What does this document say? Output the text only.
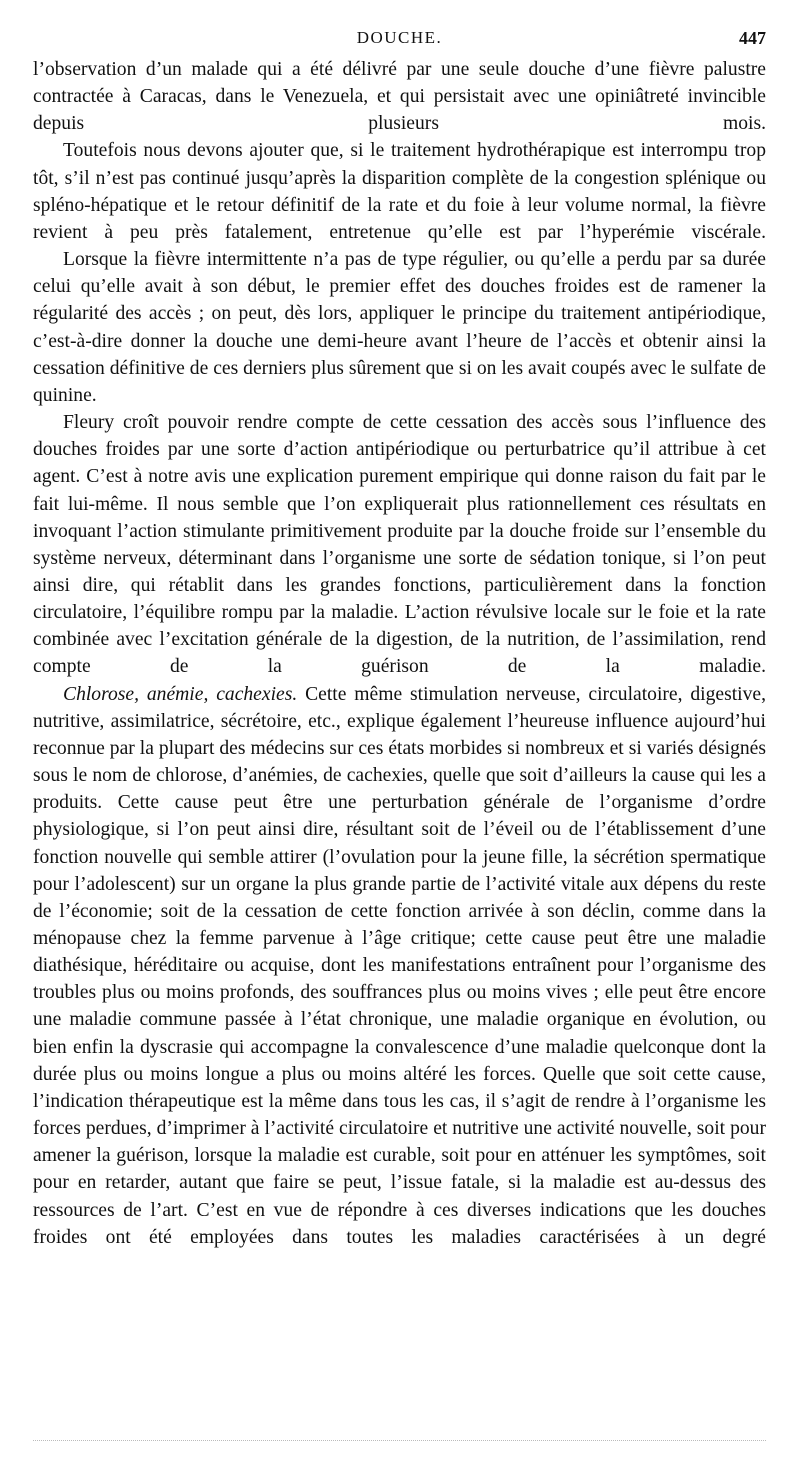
DOUCHE.	447

l’observation d’un malade qui a été délivré par une seule douche d’une fièvre palustre contractée à Caracas, dans le Venezuela, et qui persistait avec une opiniâtreté invincible depuis plusieurs mois.

Toutefois nous devons ajouter que, si le traitement hydrothérapique est interrompu trop tôt, s’il n’est pas continué jusqu’après la disparition complète de la congestion splénique ou spléno-hépatique et le retour définitif de la rate et du foie à leur volume normal, la fièvre revient à peu près fatalement, entretenue qu’elle est par l’hyperémie viscérale.

Lorsque la fièvre intermittente n’a pas de type régulier, ou qu’elle a perdu par sa durée celui qu’elle avait à son début, le premier effet des douches froides est de ramener la régularité des accès ; on peut, dès lors, appliquer le principe du traitement antipériodique, c’est-à-dire donner la douche une demi-heure avant l’heure de l’accès et obtenir ainsi la cessation définitive de ces derniers plus sûrement que si on les avait coupés avec le sulfate de quinine.

Fleury croît pouvoir rendre compte de cette cessation des accès sous l’influence des douches froides par une sorte d’action antipériodique ou perturbatrice qu’il attribue à cet agent. C’est à notre avis une explication purement empirique qui donne raison du fait par le fait lui-même. Il nous semble que l’on expliquerait plus rationnellement ces résultats en invoquant l’action stimulante primitivement produite par la douche froide sur l’ensemble du système nerveux, déterminant dans l’organisme une sorte de sédation tonique, si l’on peut ainsi dire, qui rétablit dans les grandes fonctions, particulièrement dans la fonction circulatoire, l’équilibre rompu par la maladie. L’action révulsive locale sur le foie et la rate combinée avec l’excitation générale de la digestion, de la nutrition, de l’assimilation, rend compte de la guérison de la maladie.

Chlorose, anémie, cachexies. Cette même stimulation nerveuse, circulatoire, digestive, nutritive, assimilatrice, sécrétoire, etc., explique également l’heureuse influence aujourd’hui reconnue par la plupart des médecins sur ces états morbides si nombreux et si variés désignés sous le nom de chlorose, d’anémies, de cachexies, quelle que soit d’ailleurs la cause qui les a produits. Cette cause peut être une perturbation générale de l’organisme d’ordre physiologique, si l’on peut ainsi dire, résultant soit de l’éveil ou de l’établissement d’une fonction nouvelle qui semble attirer (l’ovulation pour la jeune fille, la sécrétion spermatique pour l’adolescent) sur un organe la plus grande partie de l’activité vitale aux dépens du reste de l’économie; soit de la cessation de cette fonction arrivée à son déclin, comme dans la ménopause chez la femme parvenue à l’âge critique; cette cause peut être une maladie diathésique, héréditaire ou acquise, dont les manifestations entraînent pour l’organisme des troubles plus ou moins profonds, des souffrances plus ou moins vives ; elle peut être encore une maladie commune passée à l’état chronique, une maladie organique en évolution, ou bien enfin la dyscrasie qui accompagne la convalescence d’une maladie quelconque dont la durée plus ou moins longue a plus ou moins altéré les forces. Quelle que soit cette cause, l’indication thérapeutique est la même dans tous les cas, il s’agit de rendre à l’organisme les forces perdues, d’imprimer à l’activité circulatoire et nutritive une activité nouvelle, soit pour amener la guérison, lorsque la maladie est curable, soit pour en atténuer les symptômes, soit pour en retarder, autant que faire se peut, l’issue fatale, si la maladie est au-dessus des ressources de l’art. C’est en vue de répondre à ces diverses indications que les douches froides ont été employées dans toutes les maladies caractérisées à un degré
